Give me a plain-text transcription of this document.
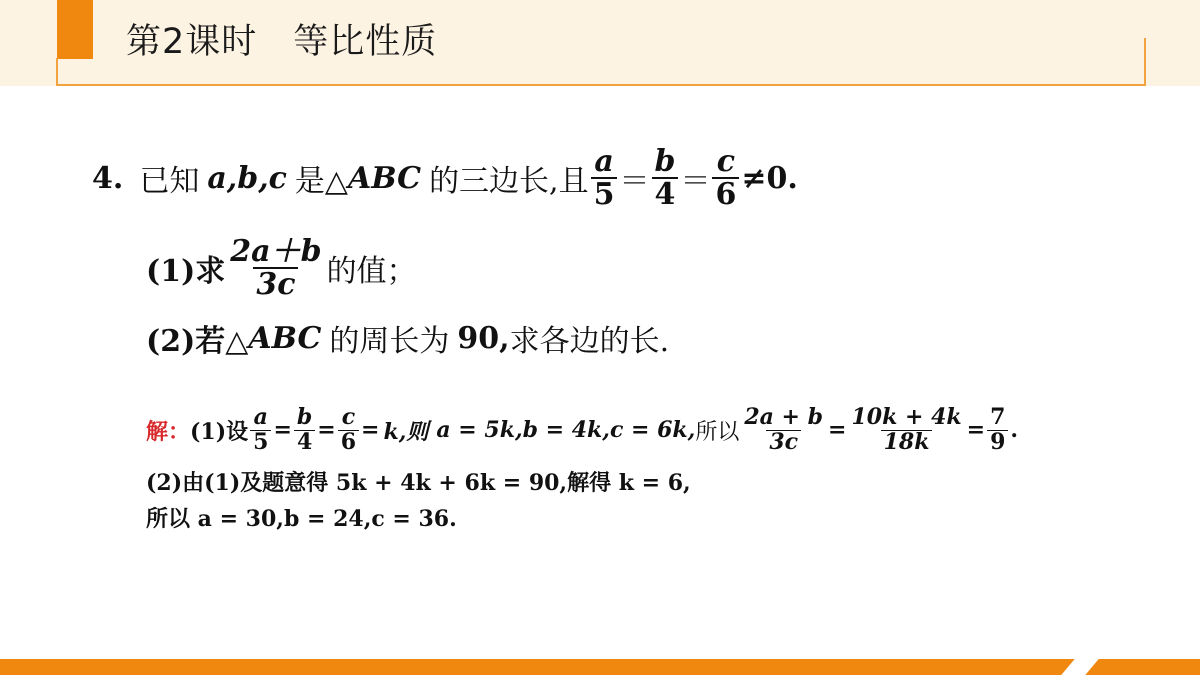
第2课时　等比性质
4. 已知 a,b,c 是△ ABC 的三边长,且 $\frac{a}{5} = \frac{b}{4} = \frac{c}{6} \ne 0$.
(1)求 $\frac{2a+b}{3c}$ 的值；
(2)若△ ABC 的周长为 90, 求各边的长.
解： (1)设 $\frac{a}{5} = \frac{b}{4} = \frac{c}{6} = k$,则 a = 5k,b = 4k,c = 6k, 所以 $\frac{2a + b}{3c} = \frac{10k + 4k}{18k} = \frac{7}{9}$ .
(2)由(1)及题意得 5k + 4k + 6k = 90,解得 k = 6,
所以 a = 30,b = 24,c = 36.
